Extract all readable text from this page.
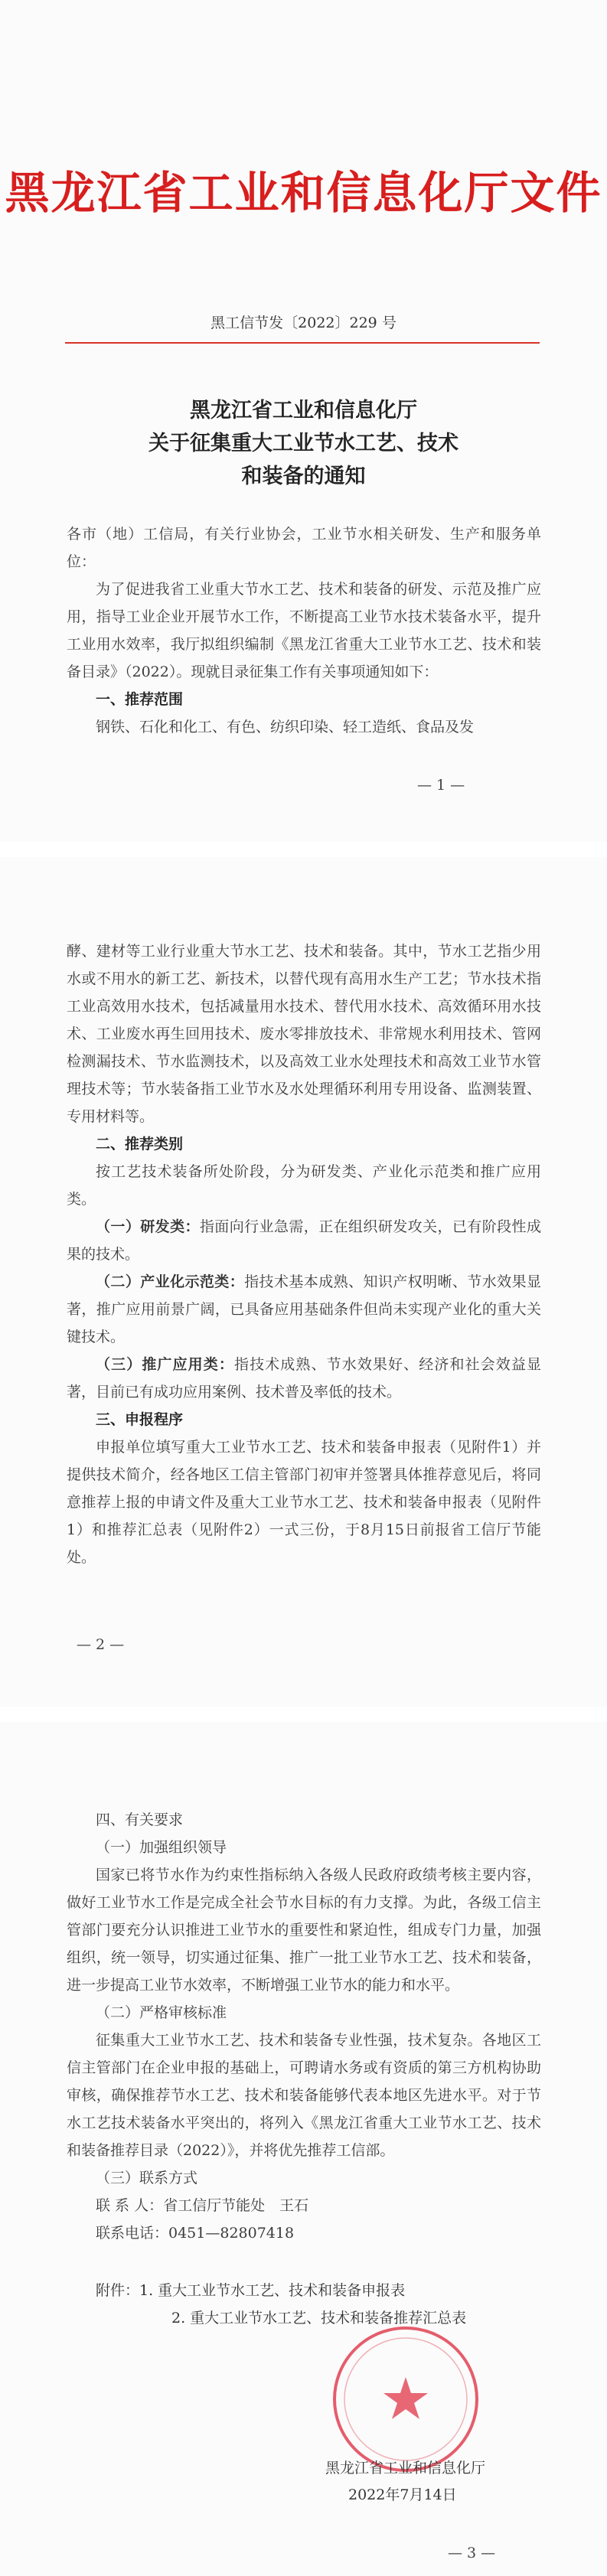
黑龙江省工业和信息化厅文件
黑工信节发〔2022〕229 号
黑龙江省工业和信息化厅
关于征集重大工业节水工艺、技术
和装备的通知

各市（地）工信局，有关行业协会，工业节水相关研发、生产和服务单位：

为了促进我省工业重大节水工艺、技术和装备的研发、示范及推广应用，指导工业企业开展节水工作，不断提高工业节水技术装备水平，提升工业用水效率，我厅拟组织编制《黑龙江省重大工业节水工艺、技术和装备目录》（2022）。现就目录征集工作有关事项通知如下：

一、推荐范围

钢铁、石化和化工、有色、纺织印染、轻工造纸、食品及发

— 1 —

酵、建材等工业行业重大节水工艺、技术和装备。其中，节水工艺指少用水或不用水的新工艺、新技术，以替代现有高用水生产工艺；节水技术指工业高效用水技术，包括减量用水技术、替代用水技术、高效循环用水技术、工业废水再生回用技术、废水零排放技术、非常规水利用技术、管网检测漏技术、节水监测技术，以及高效工业水处理技术和高效工业节水管理技术等；节水装备指工业节水及水处理循环利用专用设备、监测装置、专用材料等。

二、推荐类别

按工艺技术装备所处阶段，分为研发类、产业化示范类和推广应用类。

（一）研发类：指面向行业急需，正在组织研发攻关，已有阶段性成果的技术。

（二）产业化示范类：指技术基本成熟、知识产权明晰、节水效果显著，推广应用前景广阔，已具备应用基础条件但尚未实现产业化的重大关键技术。

（三）推广应用类：指技术成熟、节水效果好、经济和社会效益显著，目前已有成功应用案例、技术普及率低的技术。

三、申报程序

申报单位填写重大工业节水工艺、技术和装备申报表（见附件1）并提供技术简介，经各地区工信主管部门初审并签署具体推荐意见后，将同意推荐上报的申请文件及重大工业节水工艺、技术和装备申报表（见附件1）和推荐汇总表（见附件2）一式三份，于8月15日前报省工信厅节能处。

— 2 —

四、有关要求

（一）加强组织领导

国家已将节水作为约束性指标纳入各级人民政府政绩考核主要内容，做好工业节水工作是完成全社会节水目标的有力支撑。为此，各级工信主管部门要充分认识推进工业节水的重要性和紧迫性，组成专门力量，加强组织，统一领导，切实通过征集、推广一批工业节水工艺、技术和装备，进一步提高工业节水效率，不断增强工业节水的能力和水平。

（二）严格审核标准

征集重大工业节水工艺、技术和装备专业性强，技术复杂。各地区工信主管部门在企业申报的基础上，可聘请水务或有资质的第三方机构协助审核，确保推荐节水工艺、技术和装备能够代表本地区先进水平。对于节水工艺技术装备水平突出的，将列入《黑龙江省重大工业节水工艺、技术和装备推荐目录（2022）》，并将优先推荐工信部。

（三）联系方式

联 系 人：省工信厅节能处　王石

联系电话：0451—82807418

附件：1. 重大工业节水工艺、技术和装备申报表
2. 重大工业节水工艺、技术和装备推荐汇总表
— 3 —
黑龙江省工业和信息化厅
2022年7月14日
